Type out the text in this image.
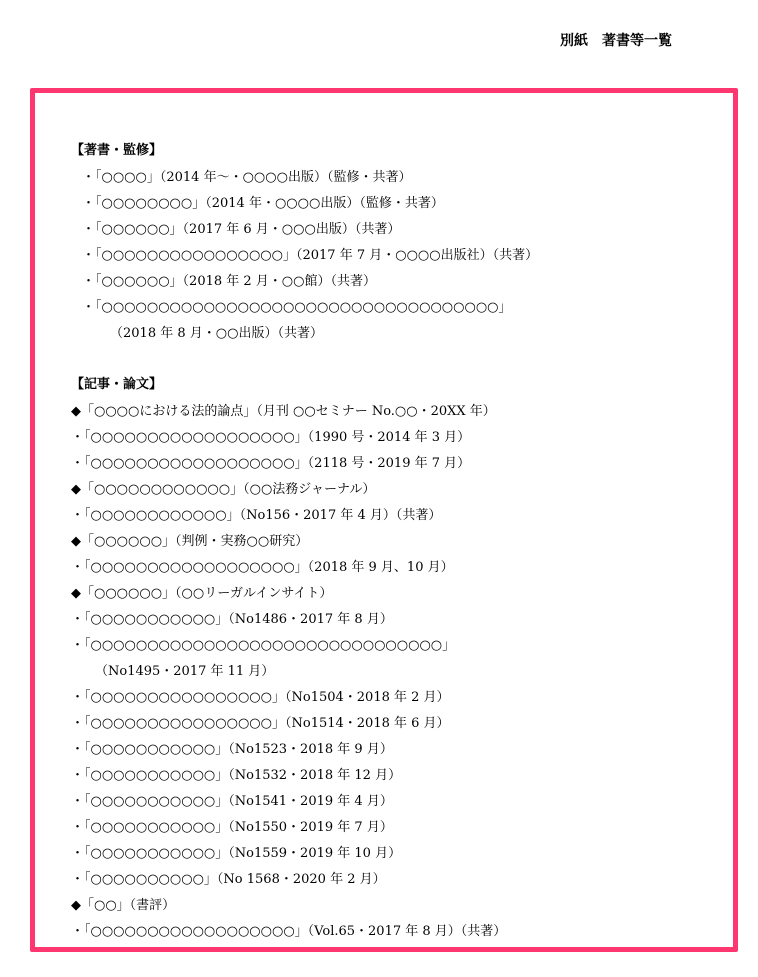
別紙　著書等一覧
【著書・監修】
・「○○○○」（2014 年～・○○○○出版）（監修・共著）
・「○○○○○○○○」（2014 年・○○○○出版）（監修・共著）
・「○○○○○○」（2017 年 6 月・○○○出版）（共著）
・「○○○○○○○○○○○○○○○○」（2017 年 7 月・○○○○出版社）（共著）
・「○○○○○○」（2018 年 2 月・○○館）（共著）
・「○○○○○○○○○○○○○○○○○○○○○○○○○○○○○○○○○○○」
（2018 年 8 月・○○出版）（共著）
【記事・論文】
◆「○○○○における法的論点」（月刊 ○○セミナー No.○○・20XX 年）
・「○○○○○○○○○○○○○○○○○○」（1990 号・2014 年 3 月）
・「○○○○○○○○○○○○○○○○○○」（2118 号・2019 年 7 月）
◆「○○○○○○○○○○○○」（○○法務ジャーナル）
・「○○○○○○○○○○○○」（No156・2017 年 4 月）（共著）
◆「○○○○○○」（判例・実務○○研究）
・「○○○○○○○○○○○○○○○○○○」（2018 年 9 月、10 月）
◆「○○○○○○」（○○リーガルインサイト）
・「○○○○○○○○○○○」（No1486・2017 年 8 月）
・「○○○○○○○○○○○○○○○○○○○○○○○○○○○○○○○」
（No1495・2017 年 11 月）
・「○○○○○○○○○○○○○○○○」（No1504・2018 年 2 月）
・「○○○○○○○○○○○○○○○○」（No1514・2018 年 6 月）
・「○○○○○○○○○○○」（No1523・2018 年 9 月）
・「○○○○○○○○○○○」（No1532・2018 年 12 月）
・「○○○○○○○○○○○」（No1541・2019 年 4 月）
・「○○○○○○○○○○○」（No1550・2019 年 7 月）
・「○○○○○○○○○○○」（No1559・2019 年 10 月）
・「○○○○○○○○○○」（No 1568・2020 年 2 月）
◆「○○」（書評）
・「○○○○○○○○○○○○○○○○○○」（Vol.65・2017 年 8 月）（共著）
